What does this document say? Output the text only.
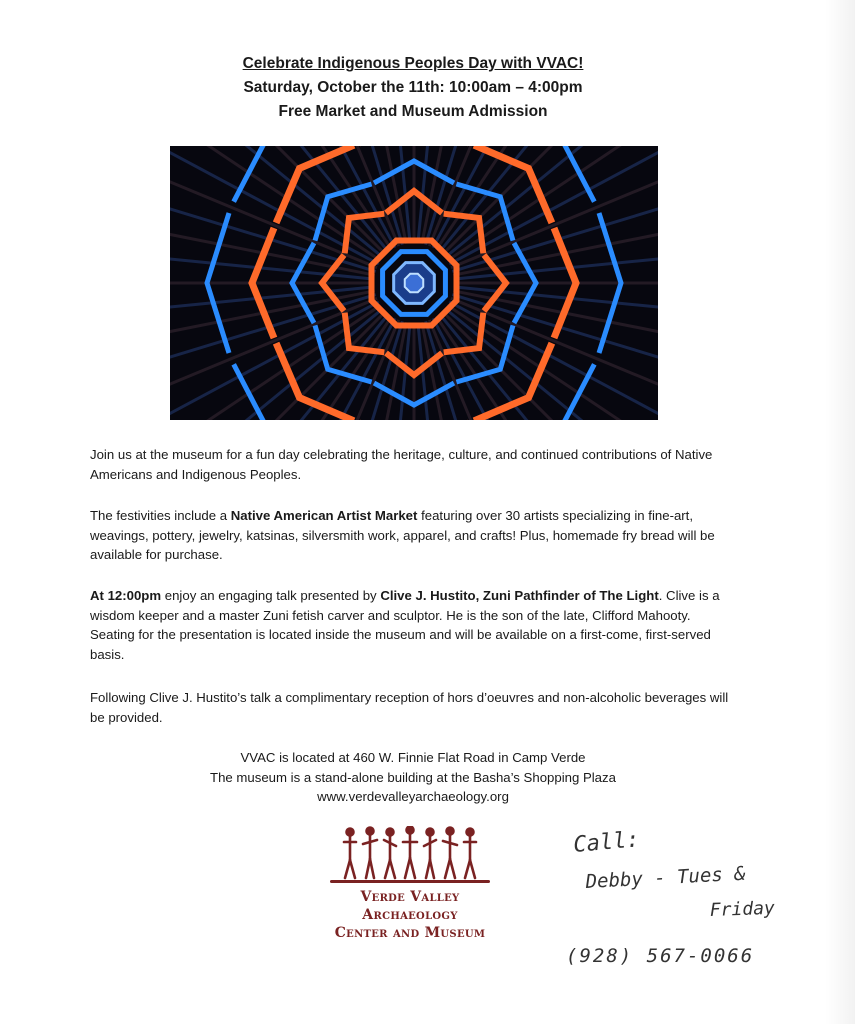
Celebrate Indigenous Peoples Day with VVAC!

Saturday, October the 11th: 10:00am – 4:00pm

Free Market and Museum Admission

Join us at the museum for a fun day celebrating the heritage, culture, and continued contributions of Native Americans and Indigenous Peoples.

The festivities include a Native American Artist Market featuring over 30 artists specializing in fine-art, weavings, pottery, jewelry, katsinas, silversmith work, apparel, and crafts! Plus, homemade fry bread will be available for purchase.

At 12:00pm enjoy an engaging talk presented by Clive J. Hustito, Zuni Pathfinder of The Light. Clive is a wisdom keeper and a master Zuni fetish carver and sculptor. He is the son of the late, Clifford Mahooty. Seating for the presentation is located inside the museum and will be available on a first-come, first-served basis.

Following Clive J. Hustito’s talk a complimentary reception of hors d’oeuvres and non-alcoholic beverages will be provided.

VVAC is located at 460 W. Finnie Flat Road in Camp Verde

The museum is a stand-alone building at the Basha’s Shopping Plaza

www.verdevalleyarchaeology.org

Verde Valley

Archaeology

Center and Museum

Call:
Debby - Tues &
Friday
(928) 567-0066
